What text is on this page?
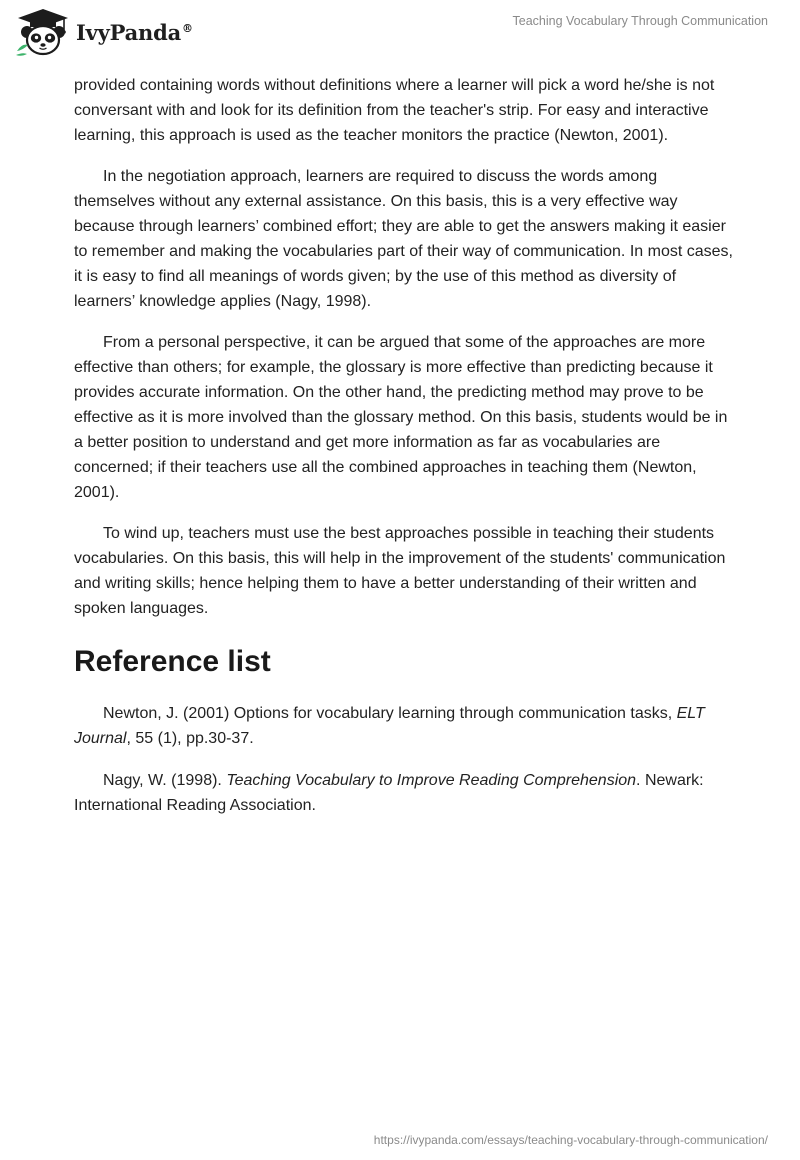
IvyPanda®	Teaching Vocabulary Through Communication

provided containing words without definitions where a learner will pick a word he/she is not conversant with and look for its definition from the teacher's strip. For easy and interactive learning, this approach is used as the teacher monitors the practice (Newton, 2001).

In the negotiation approach, learners are required to discuss the words among themselves without any external assistance. On this basis, this is a very effective way because through learners’ combined effort; they are able to get the answers making it easier to remember and making the vocabularies part of their way of communication. In most cases, it is easy to find all meanings of words given; by the use of this method as diversity of learners’ knowledge applies (Nagy, 1998).

From a personal perspective, it can be argued that some of the approaches are more effective than others; for example, the glossary is more effective than predicting because it provides accurate information. On the other hand, the predicting method may prove to be effective as it is more involved than the glossary method. On this basis, students would be in a better position to understand and get more information as far as vocabularies are concerned; if their teachers use all the combined approaches in teaching them (Newton, 2001).

To wind up, teachers must use the best approaches possible in teaching their students vocabularies. On this basis, this will help in the improvement of the students' communication and writing skills; hence helping them to have a better understanding of their written and spoken languages.

Reference list

Newton, J. (2001) Options for vocabulary learning through communication tasks, ELT Journal, 55 (1), pp.30-37.

Nagy, W. (1998). Teaching Vocabulary to Improve Reading Comprehension. Newark: International Reading Association.

https://ivypanda.com/essays/teaching-vocabulary-through-communication/
